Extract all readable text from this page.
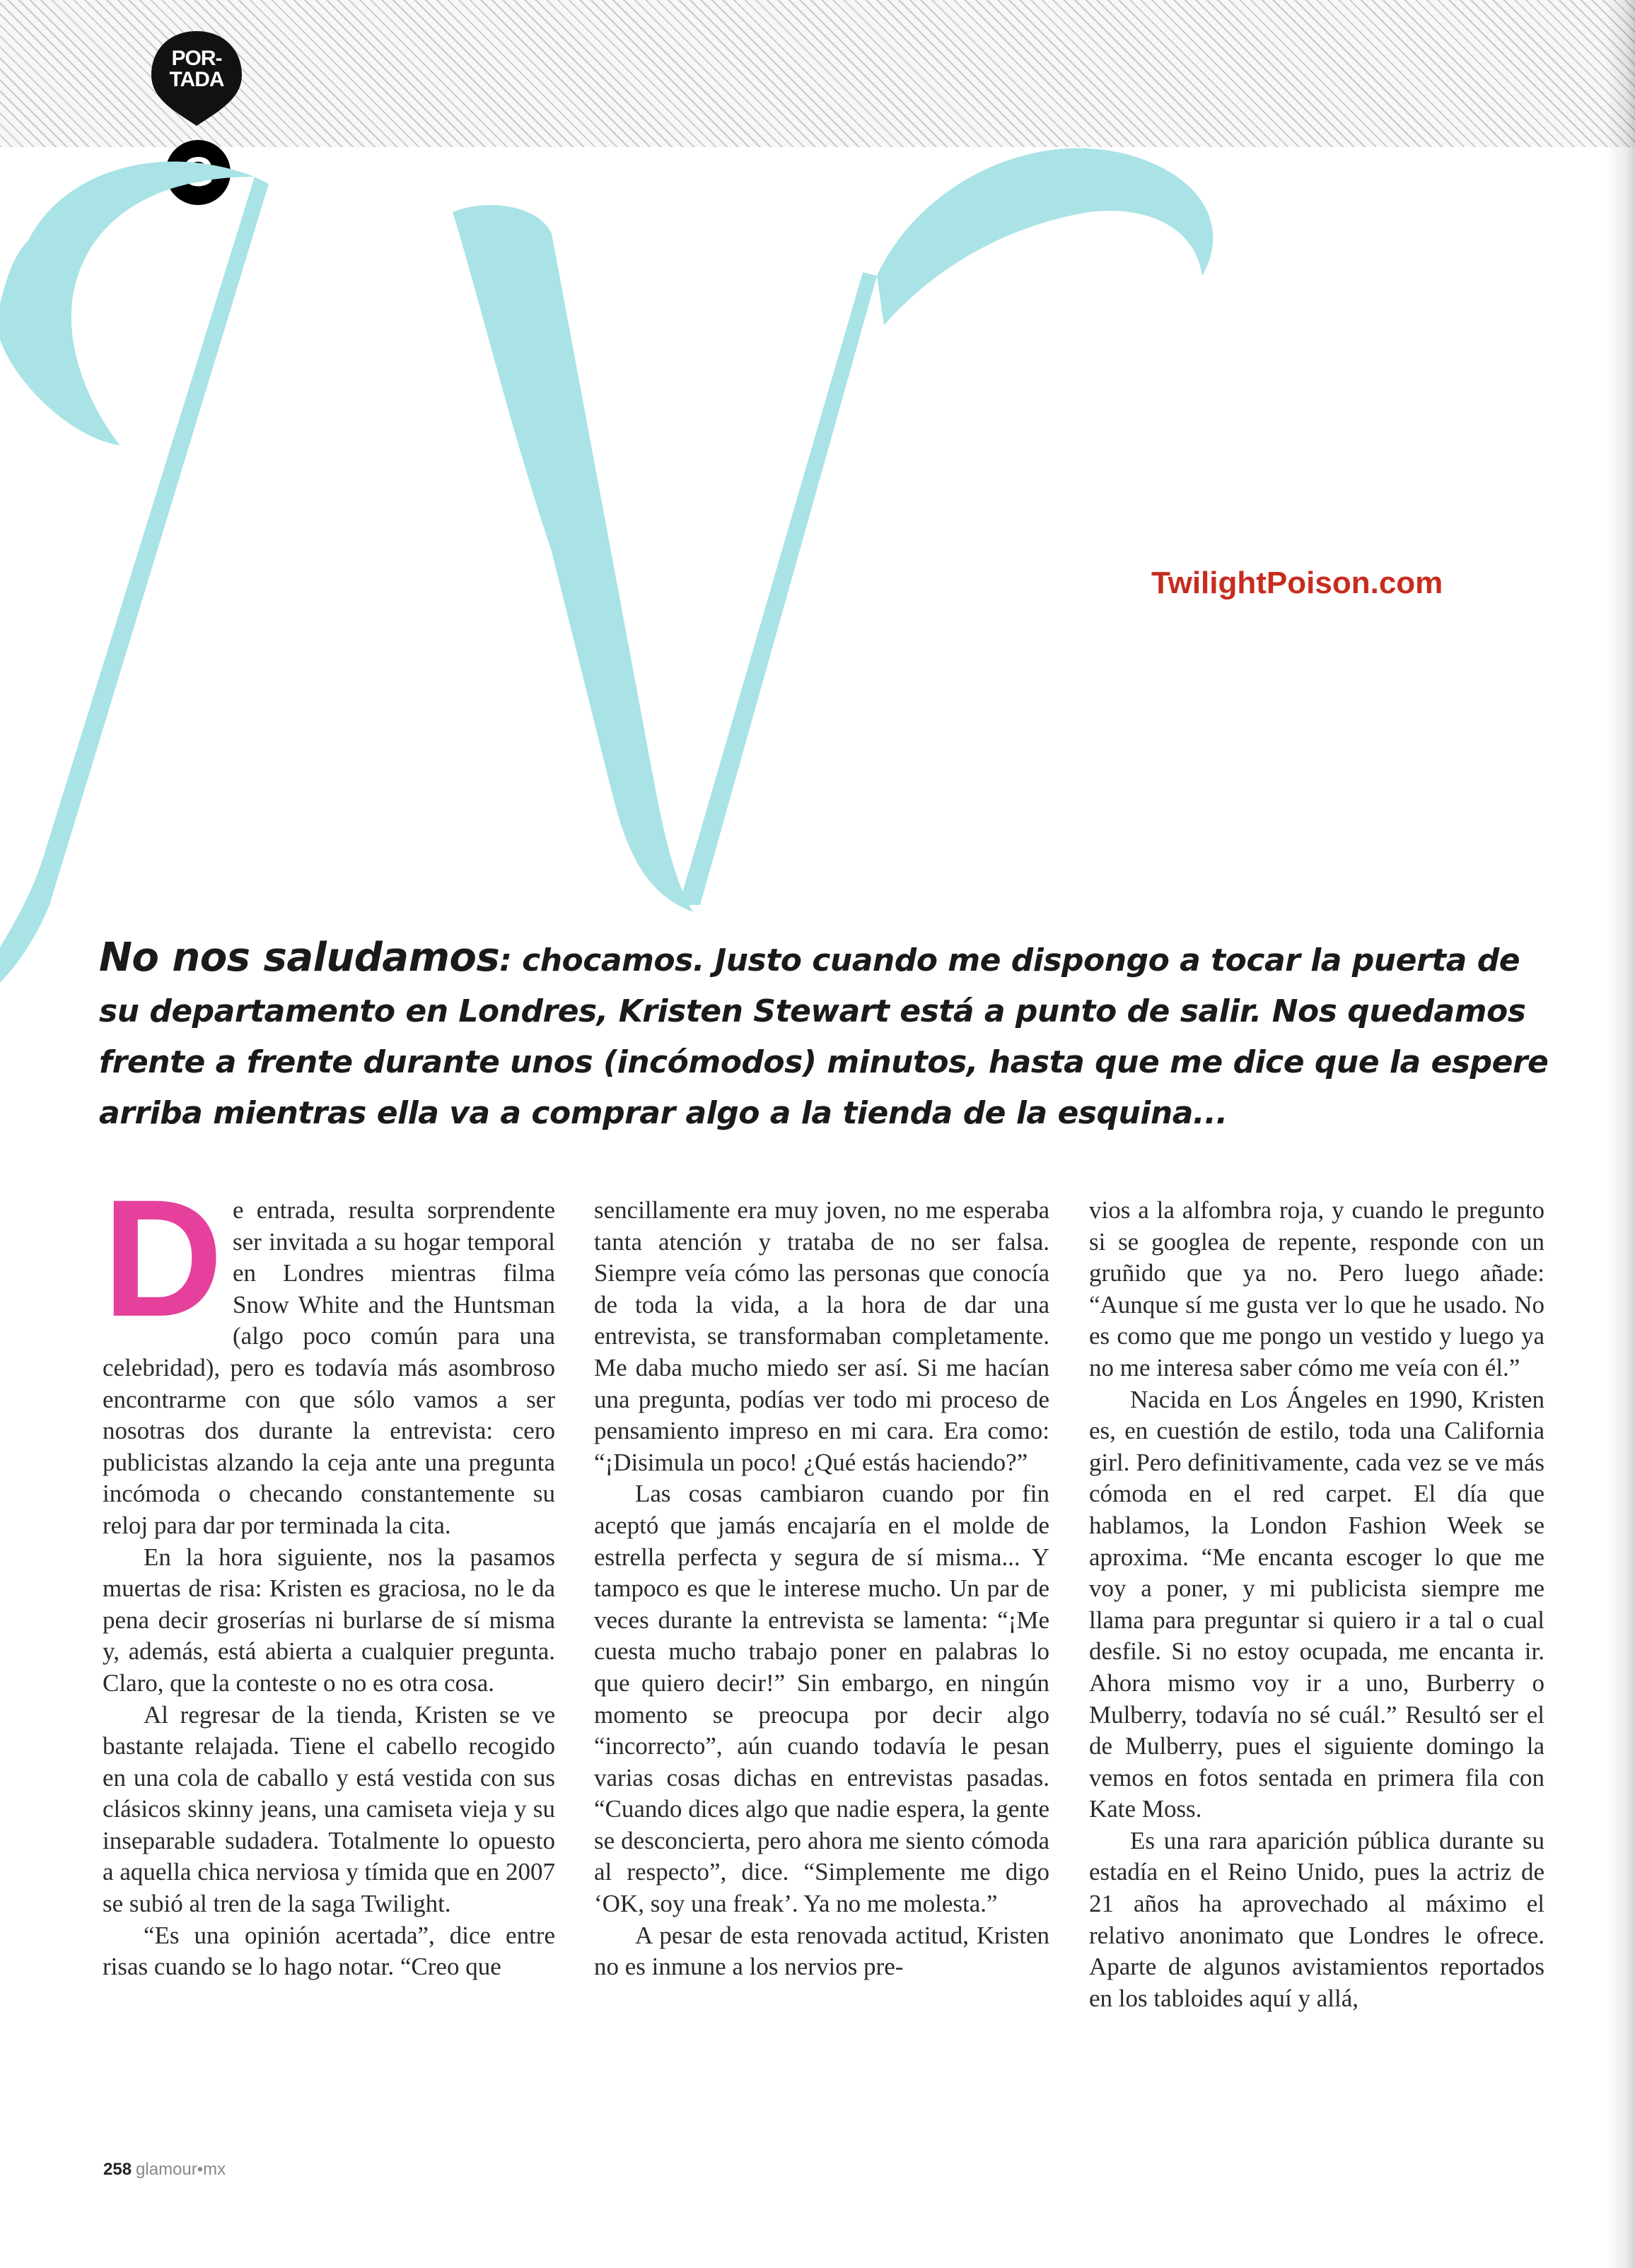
POR-
TADA
TwilightPoison.com
No nos saludamos: chocamos. Justo cuando me dispongo a tocar la puerta de su departamento en Londres, Kristen Stewart está a punto de salir. Nos quedamos frente a frente durante unos (incómodos) minutos, hasta que me dice que la espere arriba mientras ella va a comprar algo a la tienda de la esquina...

De entrada, resulta sorprendente ser invitada a su hogar temporal en Londres mientras filma Snow White and the Huntsman (algo poco común para una celebridad), pero es todavía más asombroso encontrarme con que sólo vamos a ser nosotras dos durante la entrevista: cero publicistas alzando la ceja ante una pregunta incómoda o checando constantemente su reloj para dar por terminada la cita.

En la hora siguiente, nos la pasamos muertas de risa: Kristen es graciosa, no le da pena decir groserías ni burlarse de sí misma y, además, está abierta a cualquier pregunta. Claro, que la conteste o no es otra cosa.

Al regresar de la tienda, Kristen se ve bastante relajada. Tiene el cabello recogido en una cola de caballo y está vestida con sus clásicos skinny jeans, una camiseta vieja y su inseparable sudadera. Totalmente lo opuesto a aquella chica nerviosa y tímida que en 2007 se subió al tren de la saga Twilight.

“Es una opinión acertada”, dice entre risas cuando se lo hago notar. “Creo que

sencillamente era muy joven, no me esperaba tanta atención y trataba de no ser falsa. Siempre veía cómo las personas que conocía de toda la vida, a la hora de dar una entrevista, se transformaban completamente. Me daba mucho miedo ser así. Si me hacían una pregunta, podías ver todo mi proceso de pensamiento impreso en mi cara. Era como: “¡Disimula un poco! ¿Qué estás haciendo?”

Las cosas cambiaron cuando por fin aceptó que jamás encajaría en el molde de estrella perfecta y segura de sí misma... Y tampoco es que le interese mucho. Un par de veces durante la entrevista se lamenta: “¡Me cuesta mucho trabajo poner en palabras lo que quiero decir!” Sin embargo, en ningún momento se preocupa por decir algo “incorrecto”, aún cuando todavía le pesan varias cosas dichas en entrevistas pasadas. “Cuando dices algo que nadie espera, la gente se desconcierta, pero ahora me siento cómoda al respecto”, dice. “Simplemente me digo ‘OK, soy una freak’. Ya no me molesta.”

A pesar de esta renovada actitud, Kristen no es inmune a los nervios pre-

vios a la alfombra roja, y cuando le pregunto si se googlea de repente, responde con un gruñido que ya no. Pero luego añade: “Aunque sí me gusta ver lo que he usado. No es como que me pongo un vestido y luego ya no me interesa saber cómo me veía con él.”

Nacida en Los Ángeles en 1990, Kristen es, en cuestión de estilo, toda una California girl. Pero definitivamente, cada vez se ve más cómoda en el red carpet. El día que hablamos, la London Fashion Week se aproxima. “Me encanta escoger lo que me voy a poner, y mi publicista siempre me llama para preguntar si quiero ir a tal o cual desfile. Si no estoy ocupada, me encanta ir. Ahora mismo voy ir a uno, Burberry o Mulberry, todavía no sé cuál.” Resultó ser el de Mulberry, pues el siguiente domingo la vemos en fotos sentada en primera fila con Kate Moss.

Es una rara aparición pública durante su estadía en el Reino Unido, pues la actriz de 21 años ha aprovechado al máximo el relativo anonimato que Londres le ofrece. Aparte de algunos avistamientos reportados en los tabloides aquí y allá,

258 glamour•mx
